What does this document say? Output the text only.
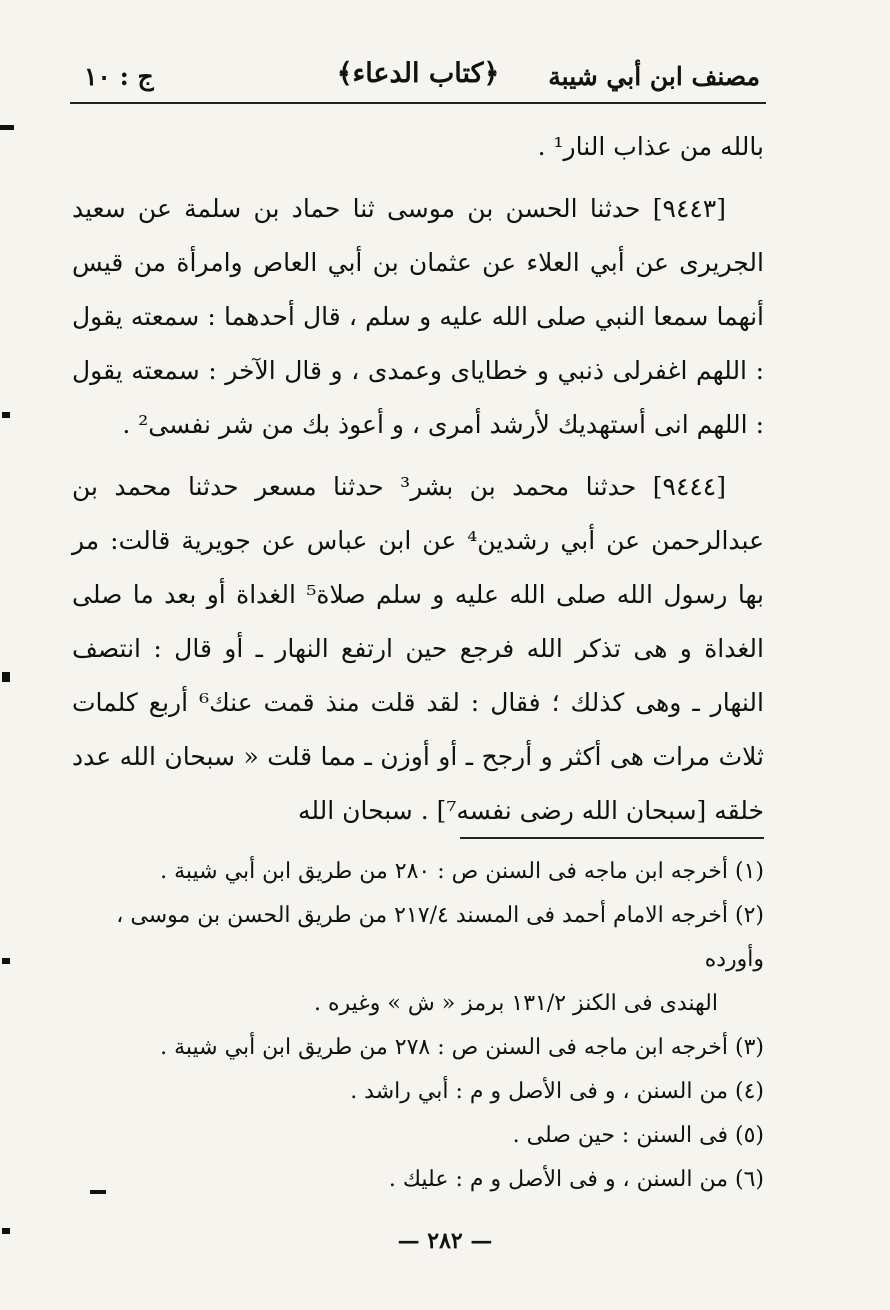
مصنف ابن أبي شيبة
﴿كتاب الدعاء﴾
ج : ١٠

بالله من عذاب النار¹ .

[٩٤٤٣] حدثنا الحسن بن موسى ثنا حماد بن سلمة عن سعيد الجريرى عن أبي العلاء عن عثمان بن أبي العاص وامرأة من قيس أنهما سمعا النبي صلى الله عليه و سلم ، قال أحدهما : سمعته يقول : اللهم اغفرلى ذنبي و خطاياى وعمدى ، و قال الآخر : سمعته يقول : اللهم انى أستهديك لأرشد أمرى ، و أعوذ بك من شر نفسى² .

[٩٤٤٤] حدثنا محمد بن بشر³ حدثنا مسعر حدثنا محمد بن عبدالرحمن عن أبي رشدين⁴ عن ابن عباس عن جويرية قالت: مر بها رسول الله صلى الله عليه و سلم صلاة⁵ الغداة أو بعد ما صلى الغداة و هى تذكر الله فرجع حين ارتفع النهار ـ أو قال : انتصف النهار ـ وهى كذلك ؛ فقال : لقد قلت منذ قمت عنك⁶ أربع كلمات ثلاث مرات هى أكثر و أرجح ـ أو أوزن ـ مما قلت « سبحان الله عدد خلقه [سبحان الله رضى نفسه⁷] . سبحان الله

(١) أخرجه ابن ماجه فى السنن ص : ٢٨٠ من طريق ابن أبي شيبة .
(٢) أخرجه الامام أحمد فى المسند ٢١٧/٤ من طريق الحسن بن موسى ، وأورده
الهندى فى الكنز ١٣١/٢ برمز « ش » وغيره .
(٣) أخرجه ابن ماجه فى السنن ص : ٢٧٨ من طريق ابن أبي شيبة .
(٤) من السنن ، و فى الأصل و م : أبي راشد .
(٥) فى السنن : حين صلى .
(٦) من السنن ، و فى الأصل و م : عليك .
— ٢٨٢ —
